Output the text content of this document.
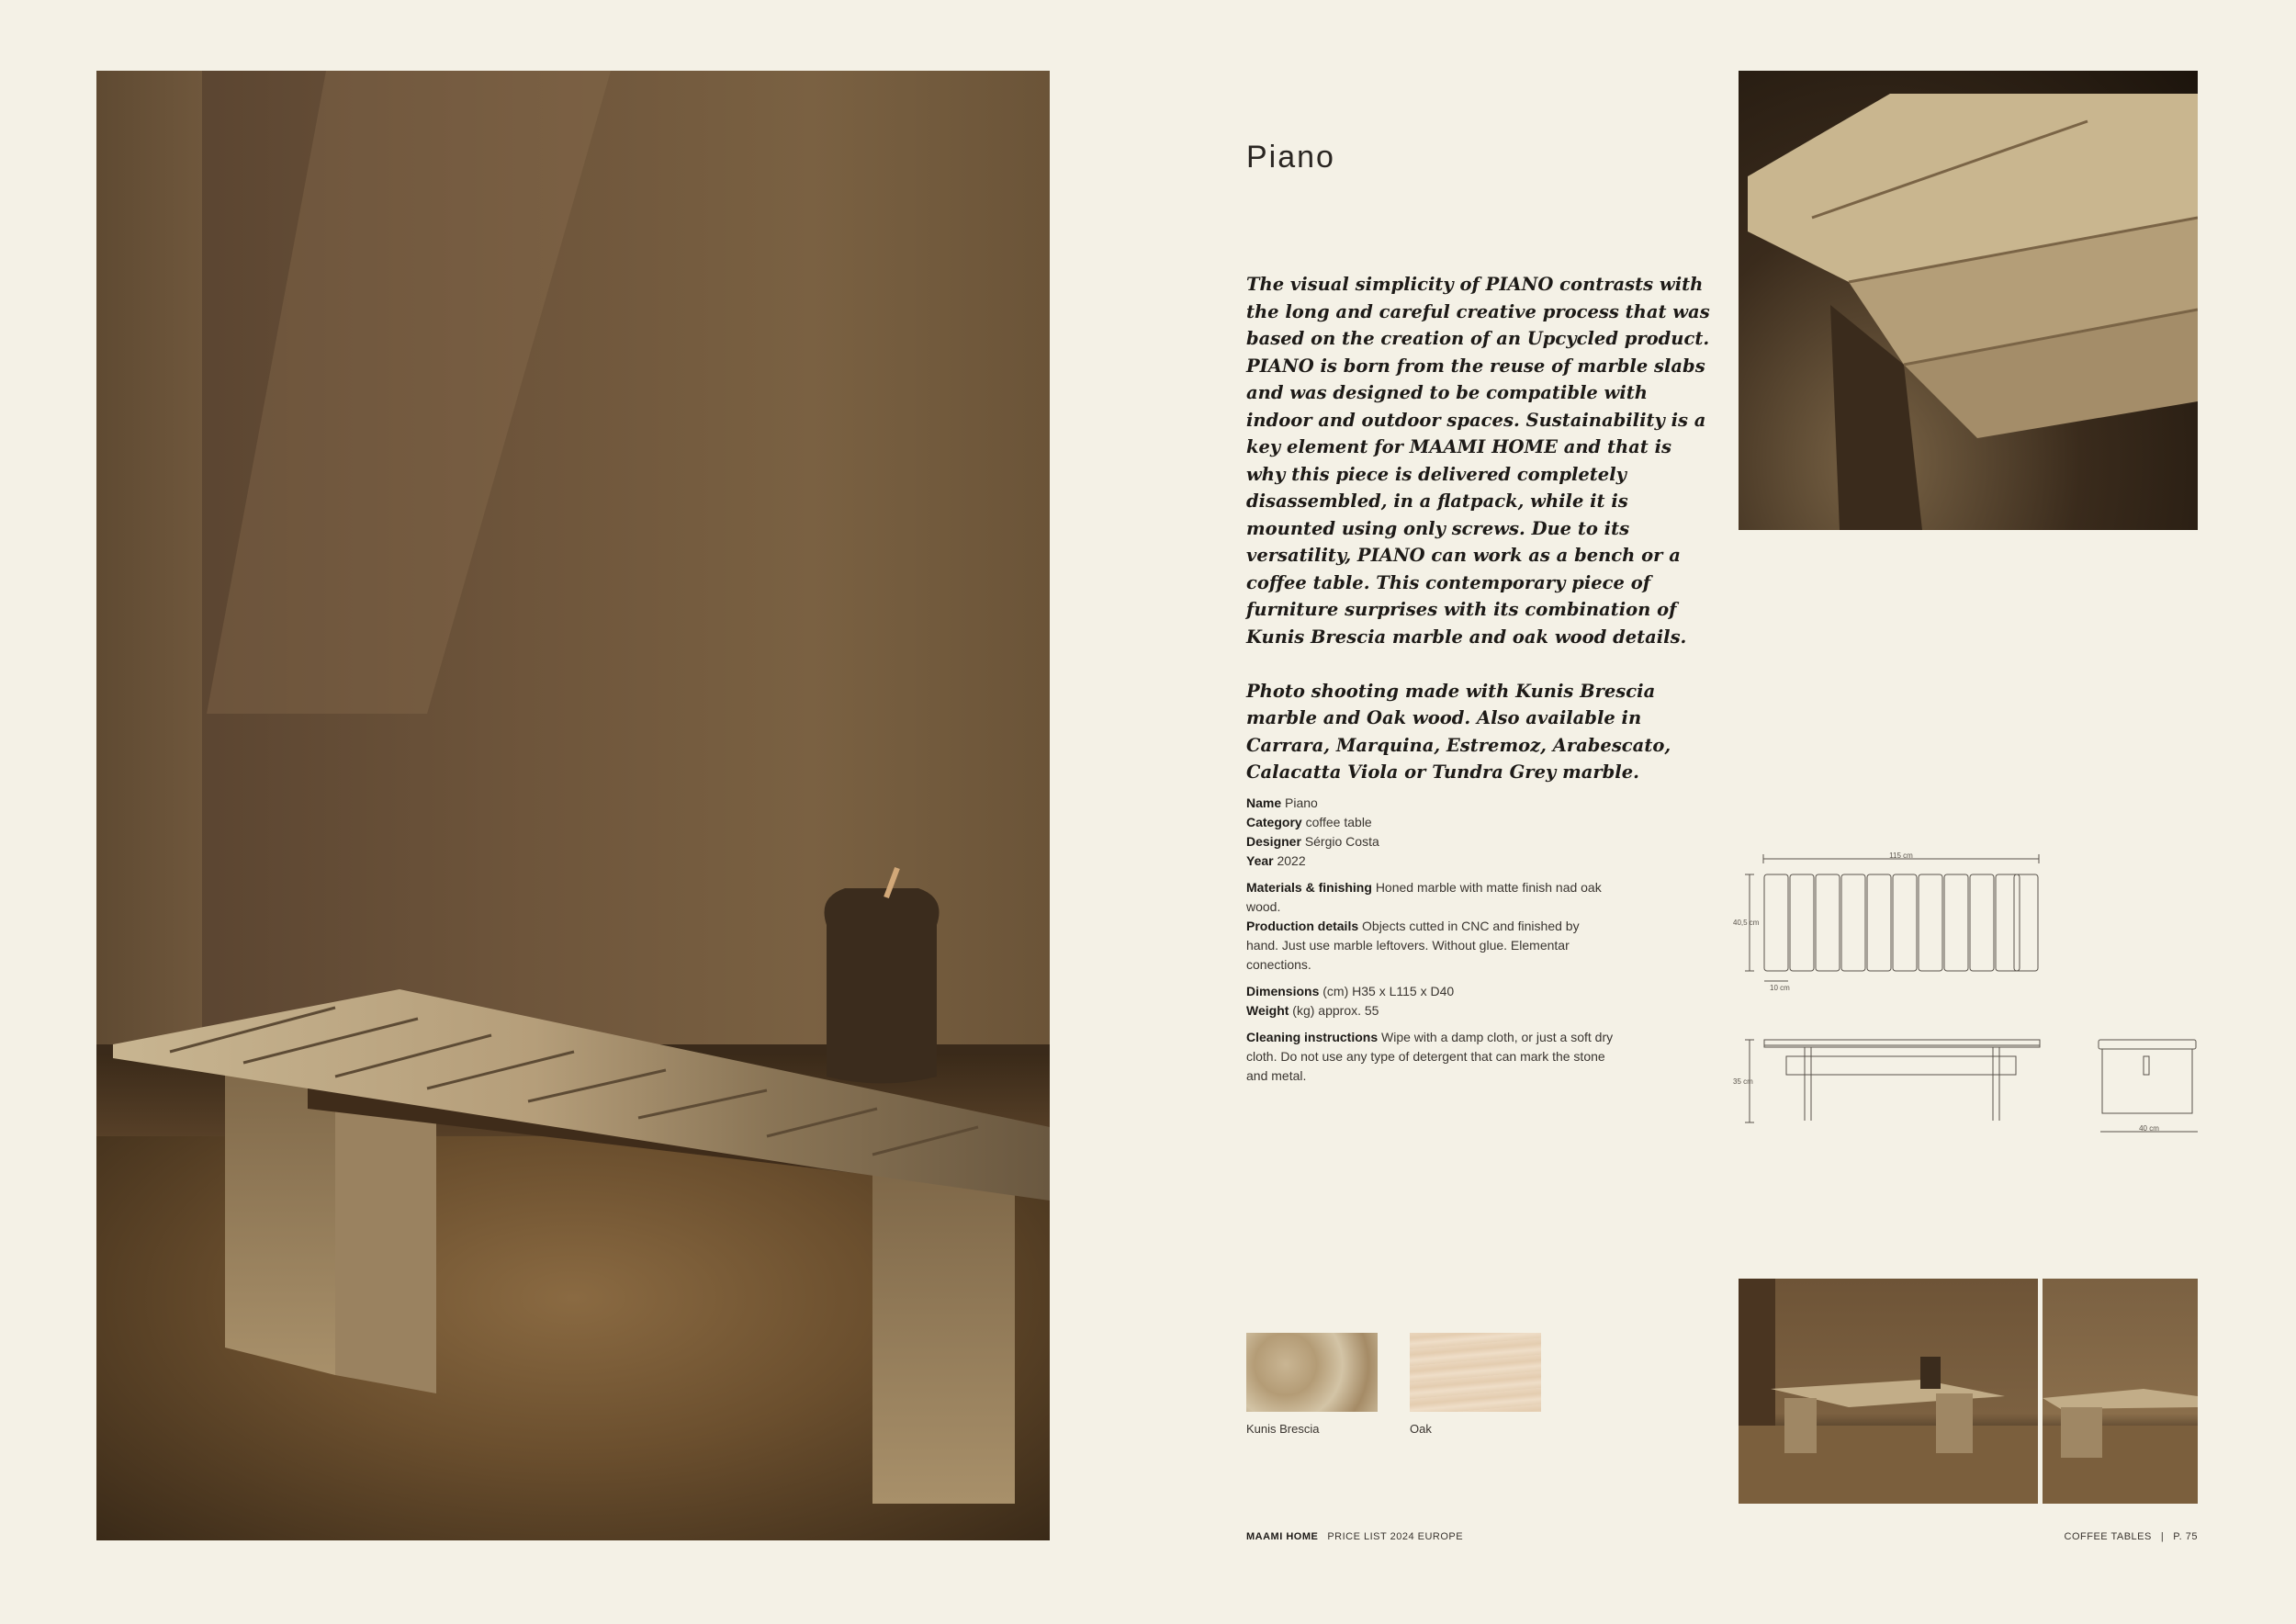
Piano

The visual simplicity of PIANO contrasts with the long and careful creative process that was based on the creation of an Upcycled product. PIANO is born from the reuse of marble slabs and was designed to be compatible with indoor and outdoor spaces. Sustainability is a key element for MAAMI HOME and that is why this piece is delivered completely disassembled, in a flatpack, while it is mounted using only screws. Due to its versatility, PIANO can work as a bench or a coffee table. This contemporary piece of furniture surprises with its combination of Kunis Brescia marble and oak wood details.

Photo shooting made with Kunis Brescia marble and Oak wood. Also available in Carrara, Marquina, Estremoz, Arabescato, Calacatta Viola or Tundra Grey marble.

Name Piano
Category coffee table
Designer Sérgio Costa
Year 2022
Materials & finishing Honed marble with matte finish nad oak wood.
Production details Objects cutted in CNC and finished by hand. Just use marble leftovers. Without glue. Elementar conections.
Dimensions (cm) H35 x L115 x D40
Weight (kg) approx. 55
Cleaning instructions Wipe with a damp cloth, or just a soft dry cloth. Do not use any type of detergent that can mark the stone and metal.
115 cm
40,5 cm
10 cm
35 cm
40 cm
Kunis Brescia	Oak
MAAMI HOME PRICE LIST 2024 EUROPE	COFFEE TABLES | P. 75
